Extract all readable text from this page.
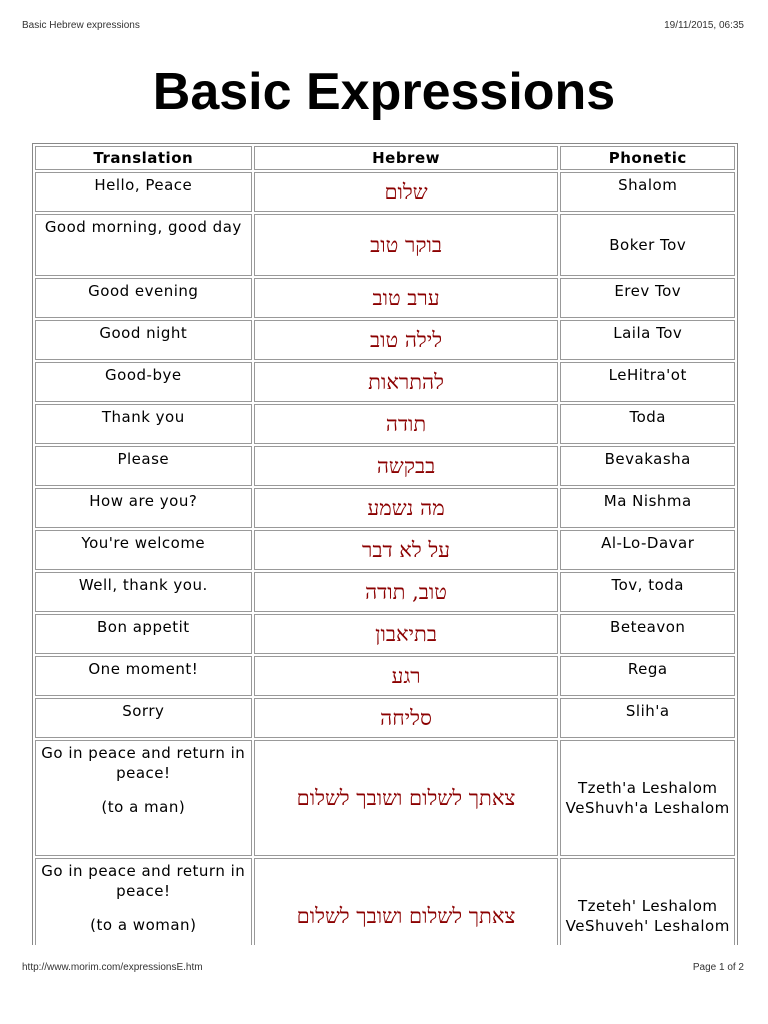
Basic Hebrew expressions	19/11/2015, 06:35
Basic Expressions
Translation	Hebrew	Phonetic
Hello, Peace	שלום	Shalom
Good morning, good day	בוקר טוב	Boker Tov
Good evening	ערב טוב	Erev Tov
Good night	לילה טוב	Laila Tov
Good-bye	להתראות	LeHitra'ot
Thank you	תודה	Toda
Please	בבקשה	Bevakasha
How are you?	מה נשמע	Ma Nishma
You're welcome	על לא דבר	Al-Lo-Davar
Well, thank you.	טוב, תודה	Tov, toda
Bon appetit	בתיאבון	Beteavon
One moment!	רגע	Rega
Sorry	סליחה	Slih'a
Go in peace and return in peace!
(to a man)	צאתך לשלום ושובך לשלום	Tzeth'a Leshalom VeShuvh'a Leshalom
Go in peace and return in peace!
(to a woman)	צאתך לשלום ושובך לשלום	Tzeteh' Leshalom VeShuveh' Leshalom
http://www.morim.com/expressionsE.htm	Page 1 of 2
